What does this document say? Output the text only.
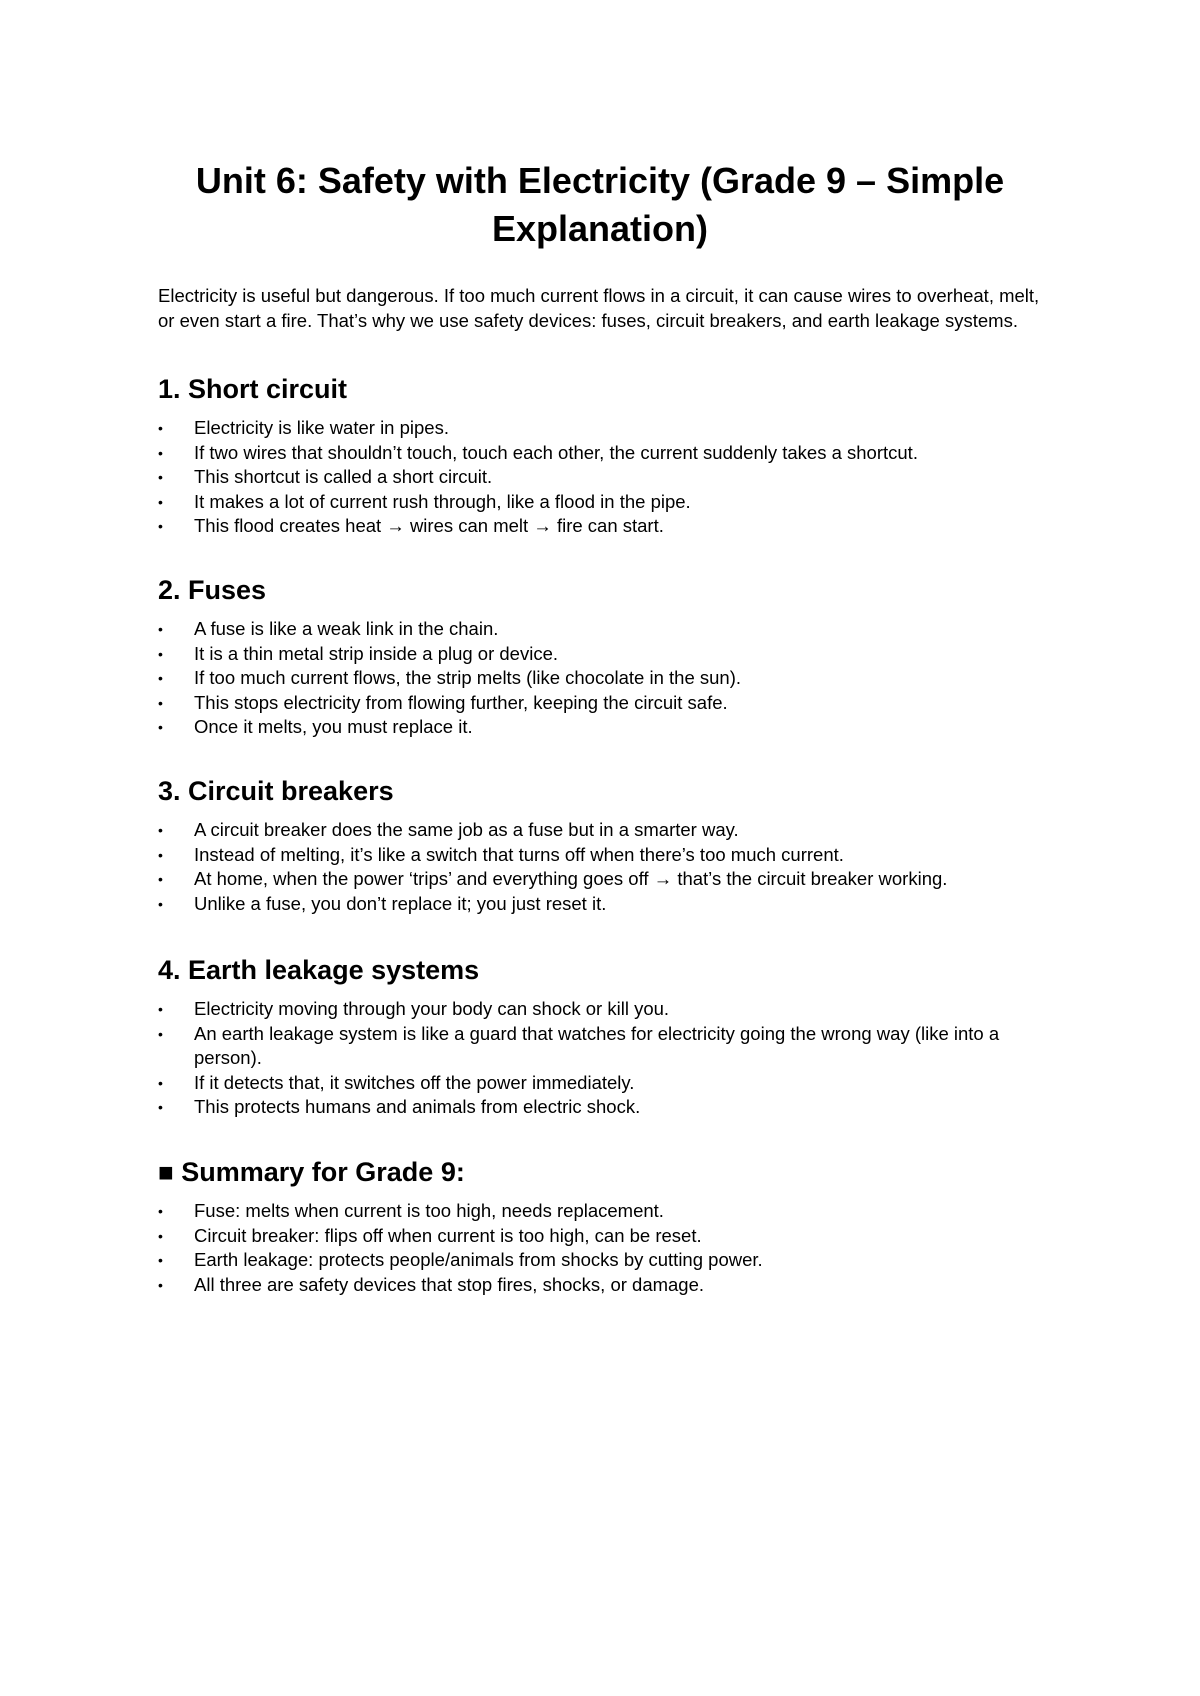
Unit 6: Safety with Electricity (Grade 9 – Simple Explanation)

Electricity is useful but dangerous. If too much current flows in a circuit, it can cause wires to overheat, melt, or even start a fire. That’s why we use safety devices: fuses, circuit breakers, and earth leakage systems.

1. Short circuit
•	Electricity is like water in pipes.
•	If two wires that shouldn’t touch, touch each other, the current suddenly takes a shortcut.
•	This shortcut is called a short circuit.
•	It makes a lot of current rush through, like a flood in the pipe.
•	This flood creates heat → wires can melt → fire can start.
2. Fuses
•	A fuse is like a weak link in the chain.
•	It is a thin metal strip inside a plug or device.
•	If too much current flows, the strip melts (like chocolate in the sun).
•	This stops electricity from flowing further, keeping the circuit safe.
•	Once it melts, you must replace it.
3. Circuit breakers
•	A circuit breaker does the same job as a fuse but in a smarter way.
•	Instead of melting, it’s like a switch that turns off when there’s too much current.
•	At home, when the power ‘trips’ and everything goes off → that’s the circuit breaker working.
•	Unlike a fuse, you don’t replace it; you just reset it.
4. Earth leakage systems
•	Electricity moving through your body can shock or kill you.
•	An earth leakage system is like a guard that watches for electricity going the wrong way (like into a person).
•	If it detects that, it switches off the power immediately.
•	This protects humans and animals from electric shock.
■ Summary for Grade 9:
•	Fuse: melts when current is too high, needs replacement.
•	Circuit breaker: flips off when current is too high, can be reset.
•	Earth leakage: protects people/animals from shocks by cutting power.
•	All three are safety devices that stop fires, shocks, or damage.
